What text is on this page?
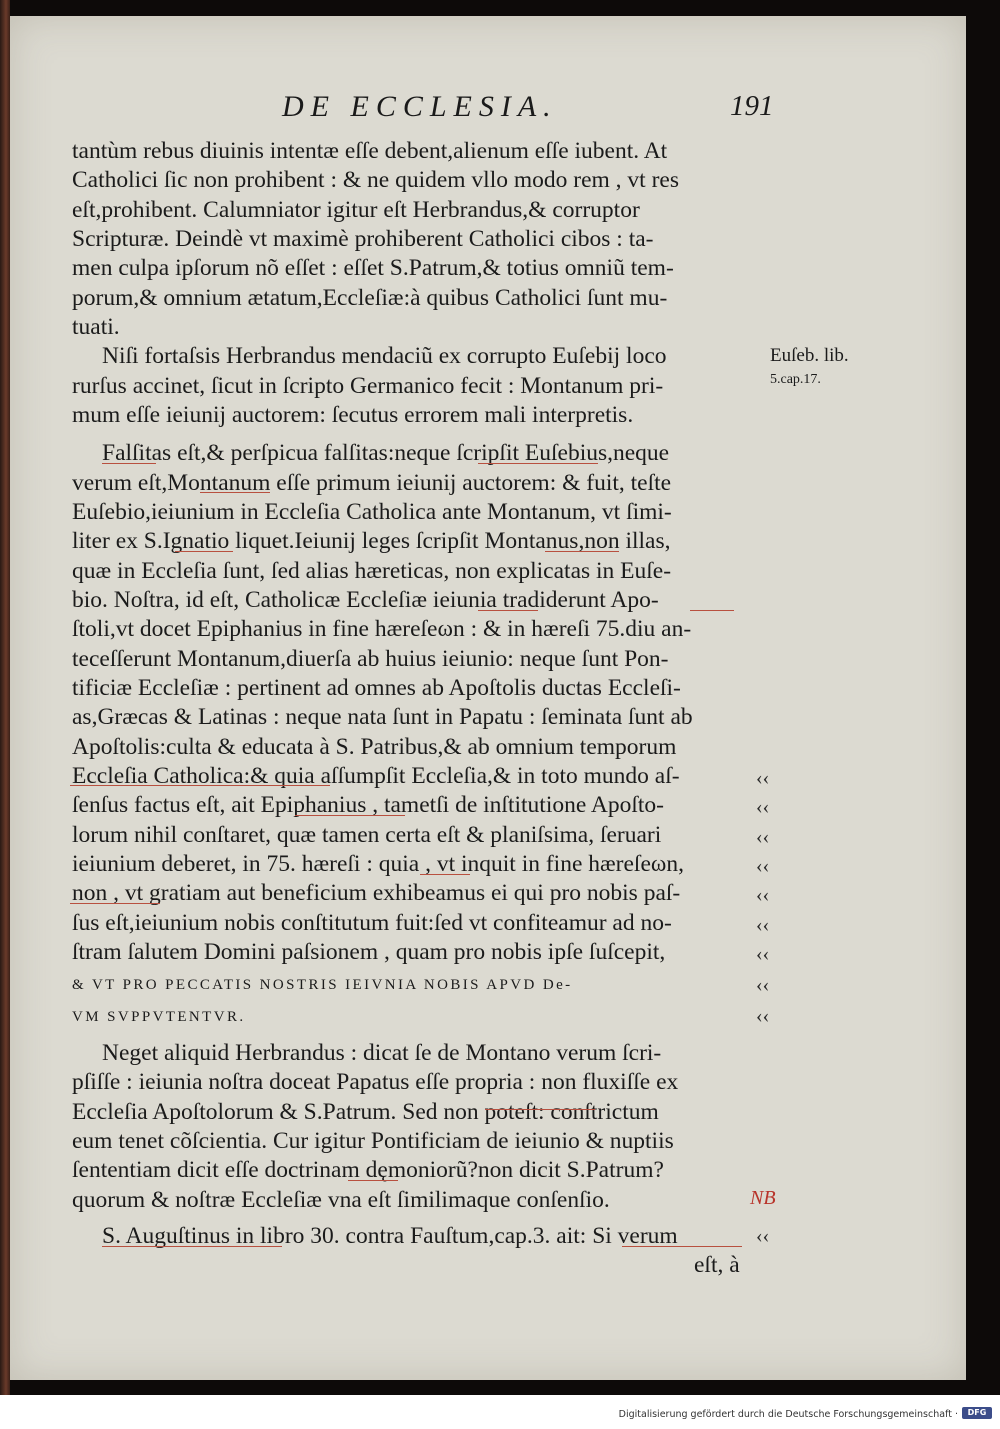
DE ECCLESIA.	191
tantùm rebus diuinis intentæ eſſe debent,alienum eſſe iubent. At
Catholici ſic non prohibent : & ne quidem vllo modo rem , vt res
eſt,prohibent. Calumniator igitur eſt Herbrandus,& corruptor
Scripturæ. Deindè vt maximè prohiberent Catholici cibos : ta-
men culpa ipſorum nõ eſſet : eſſet S.Patrum,& totius omniũ tem-
porum,& omnium ætatum,Eccleſiæ:à quibus Catholici ſunt mu-
tuati.
Niſi fortaſsis Herbrandus mendaciũ ex corrupto Euſebij loco
rurſus accinet, ſicut in ſcripto Germanico fecit : Montanum pri-
mum eſſe ieiunij auctorem: ſecutus errorem mali interpretis.
Falſitas eſt,& perſpicua falſitas:neque ſcripſit Euſebius,neque
verum eſt,Montanum eſſe primum ieiunij auctorem: & fuit, teſte
Euſebio,ieiunium in Eccleſia Catholica ante Montanum, vt ſimi-
liter ex S.Ignatio liquet.Ieiunij leges ſcripſit Montanus,non illas,
quæ in Eccleſia ſunt, ſed alias hæreticas, non explicatas in Euſe-
bio. Noſtra, id eſt, Catholicæ Eccleſiæ ieiunia tradiderunt Apo-
ſtoli,vt docet Epiphanius in fine hæreſeωn : & in hæreſi 75.diu an-
teceſſerunt Montanum,diuerſa ab huius ieiunio: neque ſunt Pon-
tificiæ Eccleſiæ : pertinent ad omnes ab Apoſtolis ductas Eccleſi-
as,Græcas & Latinas : neque nata ſunt in Papatu : ſeminata ſunt ab
Apoſtolis:culta & educata à S. Patribus,& ab omnium temporum
Eccleſia Catholica:& quia aſſumpſit Eccleſia,& in toto mundo aſ-
ſenſus factus eſt, ait Epiphanius , tametſi de inſtitutione Apoſto-
lorum nihil conſtaret, quæ tamen certa eſt & planiſsima, ſeruari
ieiunium deberet, in 75. hæreſi : quia , vt inquit in fine hæreſeωn,
non , vt gratiam aut beneficium exhibeamus ei qui pro nobis paſ-
ſus eſt,ieiunium nobis conſtitutum fuit:ſed vt confiteamur ad no-
ſtram ſalutem Domini paſsionem , quam pro nobis ipſe ſuſcepit,
& VT PRO PECCATIS NOSTRIS IEIVNIA NOBIS APVD De-
VM SVPPVTENTVR.
Neget aliquid Herbrandus : dicat ſe de Montano verum ſcri-
pſiſſe : ieiunia noſtra doceat Papatus eſſe propria : non fluxiſſe ex
Eccleſia Apoſtolorum & S.Patrum. Sed non poteſt: conſtrictum
eum tenet cõſcientia. Cur igitur Pontificiam de ieiunio & nuptiis
ſententiam dicit eſſe doctrinam dęmoniorũ?non dicit S.Patrum?
quorum & noſtræ Eccleſiæ vna eſt ſimilimaque conſenſio.
S. Auguſtinus in libro 30. contra Fauſtum,cap.3. ait: Si verum
eſt, à
Euſeb. lib.
5.cap.17.
‹‹
‹‹
‹‹
‹‹
‹‹
‹‹
‹‹
‹‹
‹‹
‹‹
NB
Digitalisierung gefördert durch die Deutsche Forschungsgemeinschaft ·	DFG
